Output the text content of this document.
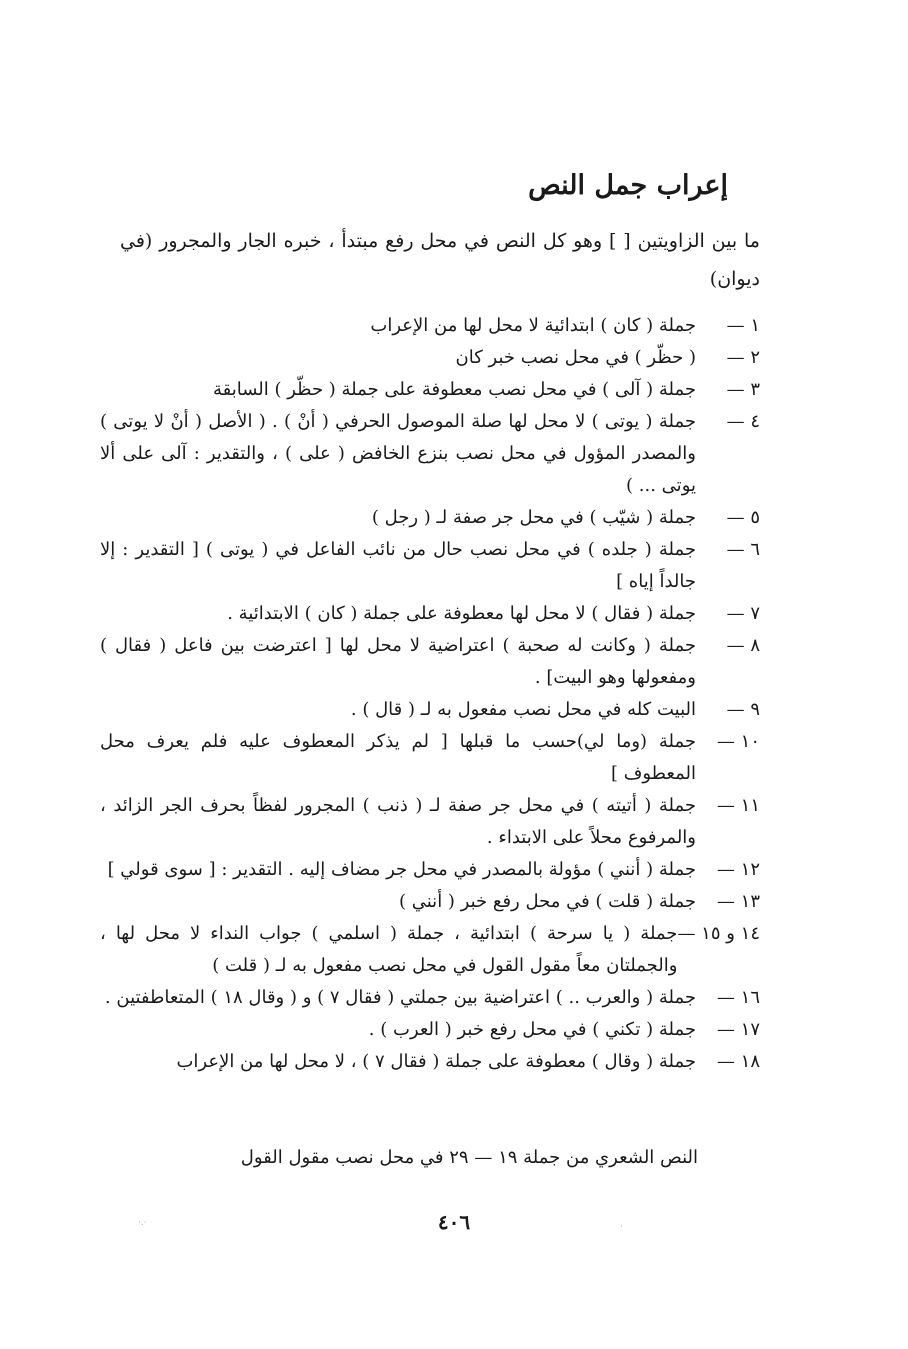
إعراب جمل النص
ما بين الزاويتين [ ] وهو كل النص في محل رفع مبتدأ ، خبره الجار والمجرور (في ديوان)
١ —
جملة ( كان ) ابتدائية لا محل لها من الإعراب
٢ —
( حظّر ) في محل نصب خبر كان
٣ —
جملة ( آلى ) في محل نصب معطوفة على جملة ( حظّر ) السابقة
٤ —
جملة ( يوتى ) لا محل لها صلة الموصول الحرفي ( أنْ ) . ( الأصل ( أنْ لا يوتى ) والمصدر المؤول في محل نصب بنزع الخافض ( على ) ، والتقدير : آلى على ألا يوتى ... )
٥ —
جملة ( شيّب ) في محل جر صفة لـ ( رجل )
٦ —
جملة ( جلده ) في محل نصب حال من نائب الفاعل في ( يوتى ) [ التقدير : إلا جالداً إياه ]
٧ —
جملة ( فقال ) لا محل لها معطوفة على جملة ( كان ) الابتدائية .
٨ —
جملة ( وكانت له صحبة ) اعتراضية لا محل لها [ اعترضت بين فاعل ( فقال ) ومفعولها وهو البيت] .
٩ —
البيت كله في محل نصب مفعول به لـ ( قال ) .
١٠ —
جملة (وما لي)حسب ما قبلها [ لم يذكر المعطوف عليه فلم يعرف محل المعطوف ]
١١ —
جملة ( أتيته ) في محل جر صفة لـ ( ذنب ) المجرور لفظاً بحرف الجر الزائد ، والمرفوع محلاً على الابتداء .
١٢ —
جملة ( أنني ) مؤولة بالمصدر في محل جر مضاف إليه . التقدير : [ سوى قولي ]
١٣ —
جملة ( قلت ) في محل رفع خبر ( أنني )
١٤ و ١٥ —
جملة ( يا سرحة ) ابتدائية ، جملة ( اسلمي ) جواب النداء لا محل لها ، والجملتان معاً مقول القول في محل نصب مفعول به لـ ( قلت )
١٦ —
جملة ( والعرب .. ) اعتراضية بين جملتي ( فقال ٧ ) و ( وقال ١٨ ) المتعاطفتين .
١٧ —
جملة ( تكني ) في محل رفع خبر ( العرب ) .
١٨ —
جملة ( وقال ) معطوفة على جملة ( فقال ٧ ) ، لا محل لها من الإعراب
النص الشعري من جملة ١٩ — ٢٩ في محل نصب مقول القول
٤٠٦
·.·	·
